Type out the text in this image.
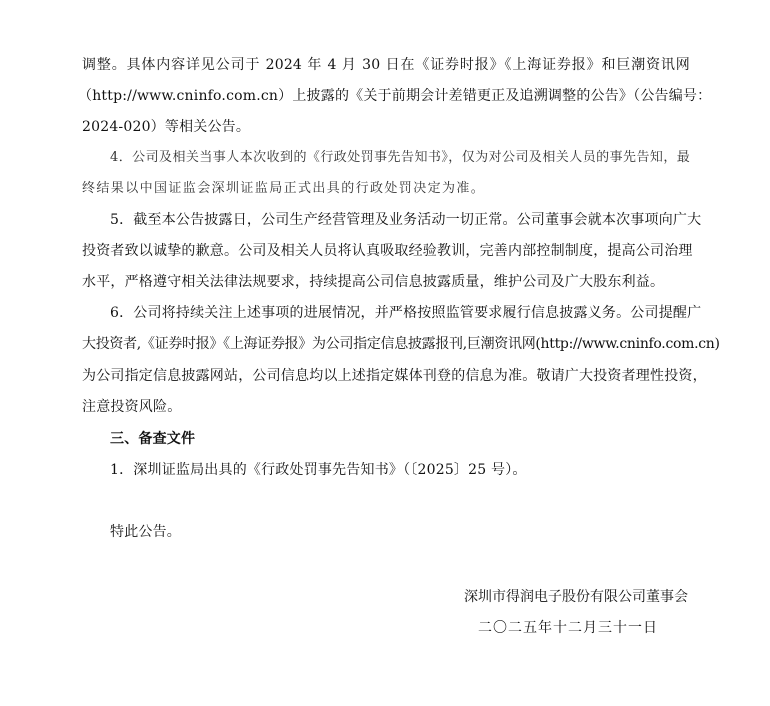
调整。具体内容详见公司于 2024 年 4 月 30 日在《证券时报》《上海证券报》和巨潮资讯网
（http://www.cninfo.com.cn）上披露的《关于前期会计差错更正及追溯调整的公告》（公告编号：
2024-020）等相关公告。
4．公司及相关当事人本次收到的《行政处罚事先告知书》，仅为对公司及相关人员的事先告知，最
终结果以中国证监会深圳证监局正式出具的行政处罚决定为准。
5．截至本公告披露日，公司生产经营管理及业务活动一切正常。公司董事会就本次事项向广大
投资者致以诚挚的歉意。公司及相关人员将认真吸取经验教训，完善内部控制制度，提高公司治理
水平，严格遵守相关法律法规要求，持续提高公司信息披露质量，维护公司及广大股东利益。
6．公司将持续关注上述事项的进展情况，并严格按照监管要求履行信息披露义务。公司提醒广
大投资者,《证券时报》《上海证券报》为公司指定信息披露报刊,巨潮资讯网(http://www.cninfo.com.cn)
为公司指定信息披露网站，公司信息均以上述指定媒体刊登的信息为准。敬请广大投资者理性投资，
注意投资风险。
三、备查文件
1．深圳证监局出具的《行政处罚事先告知书》（〔2025〕25 号）。
特此公告。
深圳市得润电子股份有限公司董事会
二〇二五年十二月三十一日
